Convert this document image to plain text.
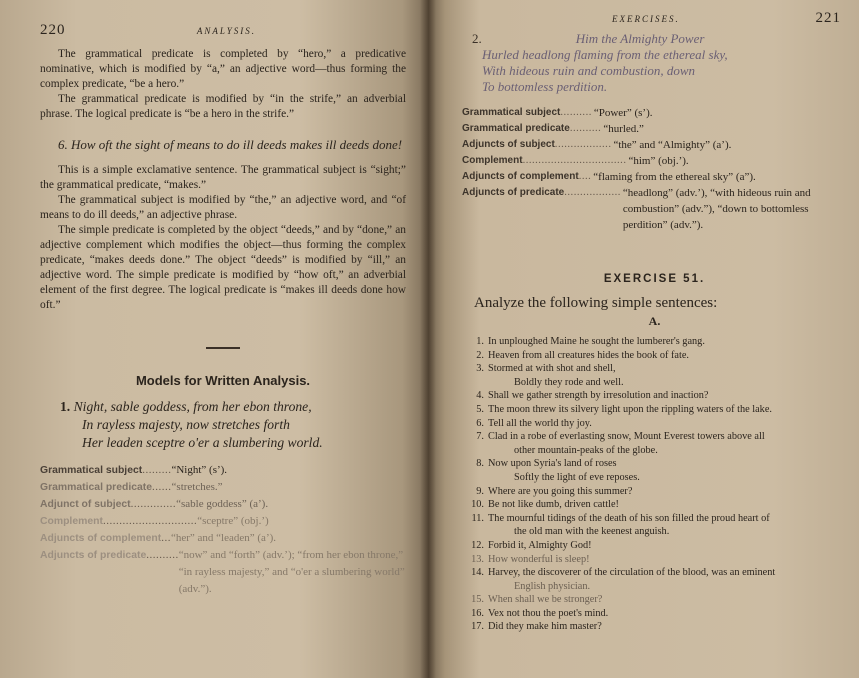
220	ANALYSIS.

The grammatical predicate is completed by “hero,” a predicative nominative, which is modified by “a,” an adjective word—thus forming the complex predicate, “be a hero.”

The grammatical predicate is modified by “in the strife,” an adverbial phrase. The logical predicate is “be a hero in the strife.”

6. How oft the sight of means to do ill deeds makes ill deeds done!

This is a simple exclamative sentence. The grammatical subject is “sight;” the grammatical predicate, “makes.”

The grammatical subject is modified by “the,” an adjective word, and “of means to do ill deeds,” an adjective phrase.

The simple predicate is completed by the object “deeds,” and by “done,” an adjective complement which modifies the object—thus forming the complex predicate, “makes deeds done.” The object “deeds” is modified by “ill,” an adjective word. The simple predicate is modified by “how oft,” an adverbial element of the first degree. The logical predicate is “makes ill deeds done how oft.”

Models for Written Analysis.
1. Night, sable goddess, from her ebon throne,
In rayless majesty, now stretches forth
Her leaden sceptre o'er a slumbering world.
Grammatical subject ......... “Night” (s’).
Grammatical predicate ...... “stretches.”
Adjunct of subject .............. “sable goddess” (a’).
Complement ............................. “sceptre” (obj.’)
Adjuncts of complement ... “her” and “leaden” (a’).
Adjuncts of predicate .......... “now” and “forth” (adv.’); “from her ebon throne,” “in rayless majesty,” and “o'er a slumbering world” (adv.”).
EXERCISES.	221
2.	Him the Almighty Power
Hurled headlong flaming from the ethereal sky,
With hideous ruin and combustion, down
To bottomless perdition.
Grammatical subject .......... “Power” (s’).
Grammatical predicate .......... “hurled.”
Adjuncts of subject .................. “the” and “Almighty” (a’).
Complement ................................. “him” (obj.’).
Adjuncts of complement .... “flaming from the ethereal sky” (a”).
Adjuncts of predicate .................. “headlong” (adv.’), “with hideous ruin and combustion” (adv.”), “down to bottomless perdition” (adv.”).
EXERCISE 51.
Analyze the following simple sentences:
A.
1. In unploughed Maine he sought the lumberer's gang.
2. Heaven from all creatures hides the book of fate.
3. Stormed at with shot and shell,
Boldly they rode and well.
4. Shall we gather strength by irresolution and inaction?
5. The moon threw its silvery light upon the rippling waters of the lake.
6. Tell all the world thy joy.
7. Clad in a robe of everlasting snow, Mount Everest towers above all
other mountain-peaks of the globe.
8. Now upon Syria's land of roses
Softly the light of eve reposes.
9. Where are you going this summer?
10. Be not like dumb, driven cattle!
11. The mournful tidings of the death of his son filled the proud heart of
the old man with the keenest anguish.
12. Forbid it, Almighty God!
13. How wonderful is sleep!
14. Harvey, the discoverer of the circulation of the blood, was an eminent
English physician.
15. When shall we be stronger?
16. Vex not thou the poet's mind.
17. Did they make him master?
